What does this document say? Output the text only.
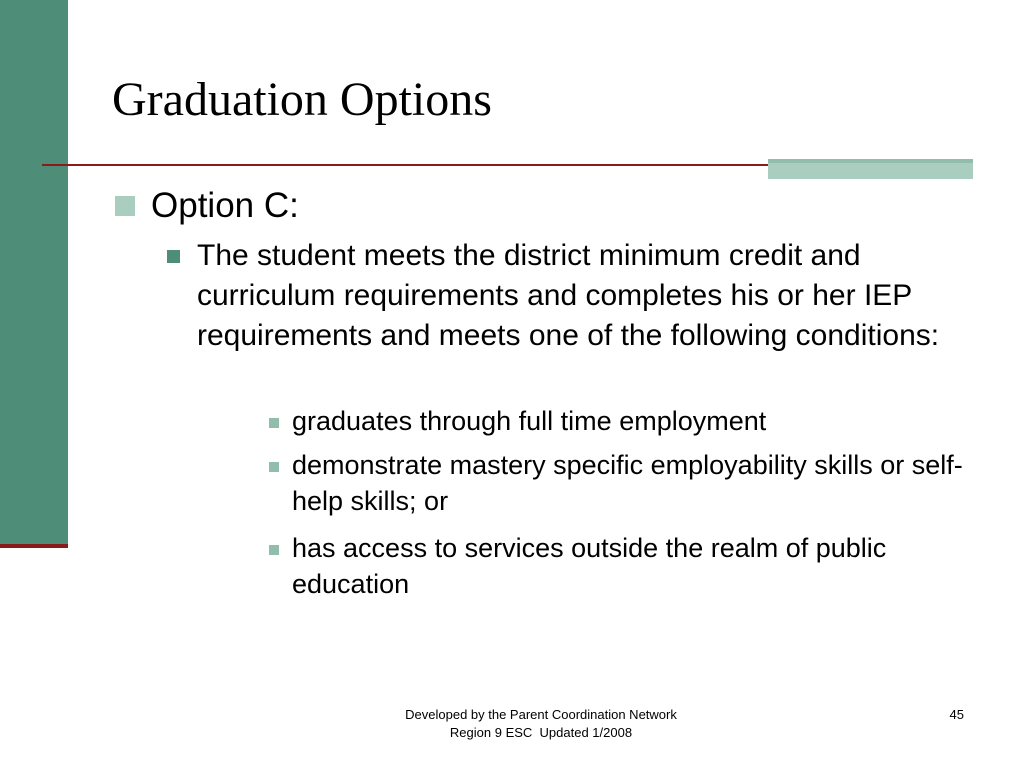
Graduation Options
Option C:
The student meets the district minimum credit and curriculum requirements and completes his or her IEP requirements and meets one of the following conditions:
graduates through full time employment
demonstrate mastery specific employability skills or self-help skills; or
has access to services outside the realm of public education
Developed by the Parent Coordination Network
Region 9 ESC  Updated 1/2008
45
